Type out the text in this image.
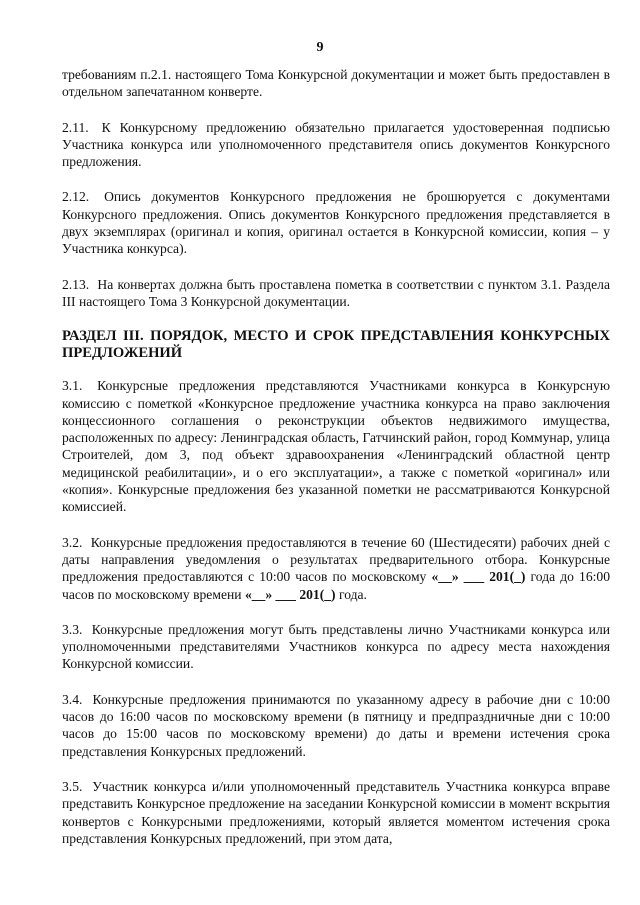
9

требованиям п.2.1. настоящего Тома Конкурсной документации и может быть предоставлен в отдельном запечатанном конверте.

2.11. К Конкурсному предложению обязательно прилагается удостоверенная подписью Участника конкурса или уполномоченного представителя опись документов Конкурсного предложения.

2.12. Опись документов Конкурсного предложения не брошюруется с документами Конкурсного предложения. Опись документов Конкурсного предложения представляется в двух экземплярах (оригинал и копия, оригинал остается в Конкурсной комиссии, копия – у Участника конкурса).

2.13. На конвертах должна быть проставлена пометка в соответствии с пунктом 3.1. Раздела III настоящего Тома 3 Конкурсной документации.

РАЗДЕЛ III. ПОРЯДОК, МЕСТО И СРОК ПРЕДСТАВЛЕНИЯ КОНКУРСНЫХ ПРЕДЛОЖЕНИЙ

3.1. Конкурсные предложения представляются Участниками конкурса в Конкурсную комиссию с пометкой «Конкурсное предложение участника конкурса на право заключения концессионного соглашения о реконструкции объектов недвижимого имущества, расположенных по адресу: Ленинградская область, Гатчинский район, город Коммунар, улица Строителей, дом 3, под объект здравоохранения «Ленинградский областной центр медицинской реабилитации», и о его эксплуатации», а также с пометкой «оригинал» или «копия». Конкурсные предложения без указанной пометки не рассматриваются Конкурсной комиссией.

3.2. Конкурсные предложения предоставляются в течение 60 (Шестидесяти) рабочих дней с даты направления уведомления о результатах предварительного отбора. Конкурсные предложения предоставляются с 10:00 часов по московскому «__» ___ 201(_) года до 16:00 часов по московскому времени «__» ___ 201(_) года.

3.3. Конкурсные предложения могут быть представлены лично Участниками конкурса или уполномоченными представителями Участников конкурса по адресу места нахождения Конкурсной комиссии.

3.4. Конкурсные предложения принимаются по указанному адресу в рабочие дни с 10:00 часов до 16:00 часов по московскому времени (в пятницу и предпраздничные дни с 10:00 часов до 15:00 часов по московскому времени) до даты и времени истечения срока представления Конкурсных предложений.

3.5. Участник конкурса и/или уполномоченный представитель Участника конкурса вправе представить Конкурсное предложение на заседании Конкурсной комиссии в момент вскрытия конвертов с Конкурсными предложениями, который является моментом истечения срока представления Конкурсных предложений, при этом дата,
